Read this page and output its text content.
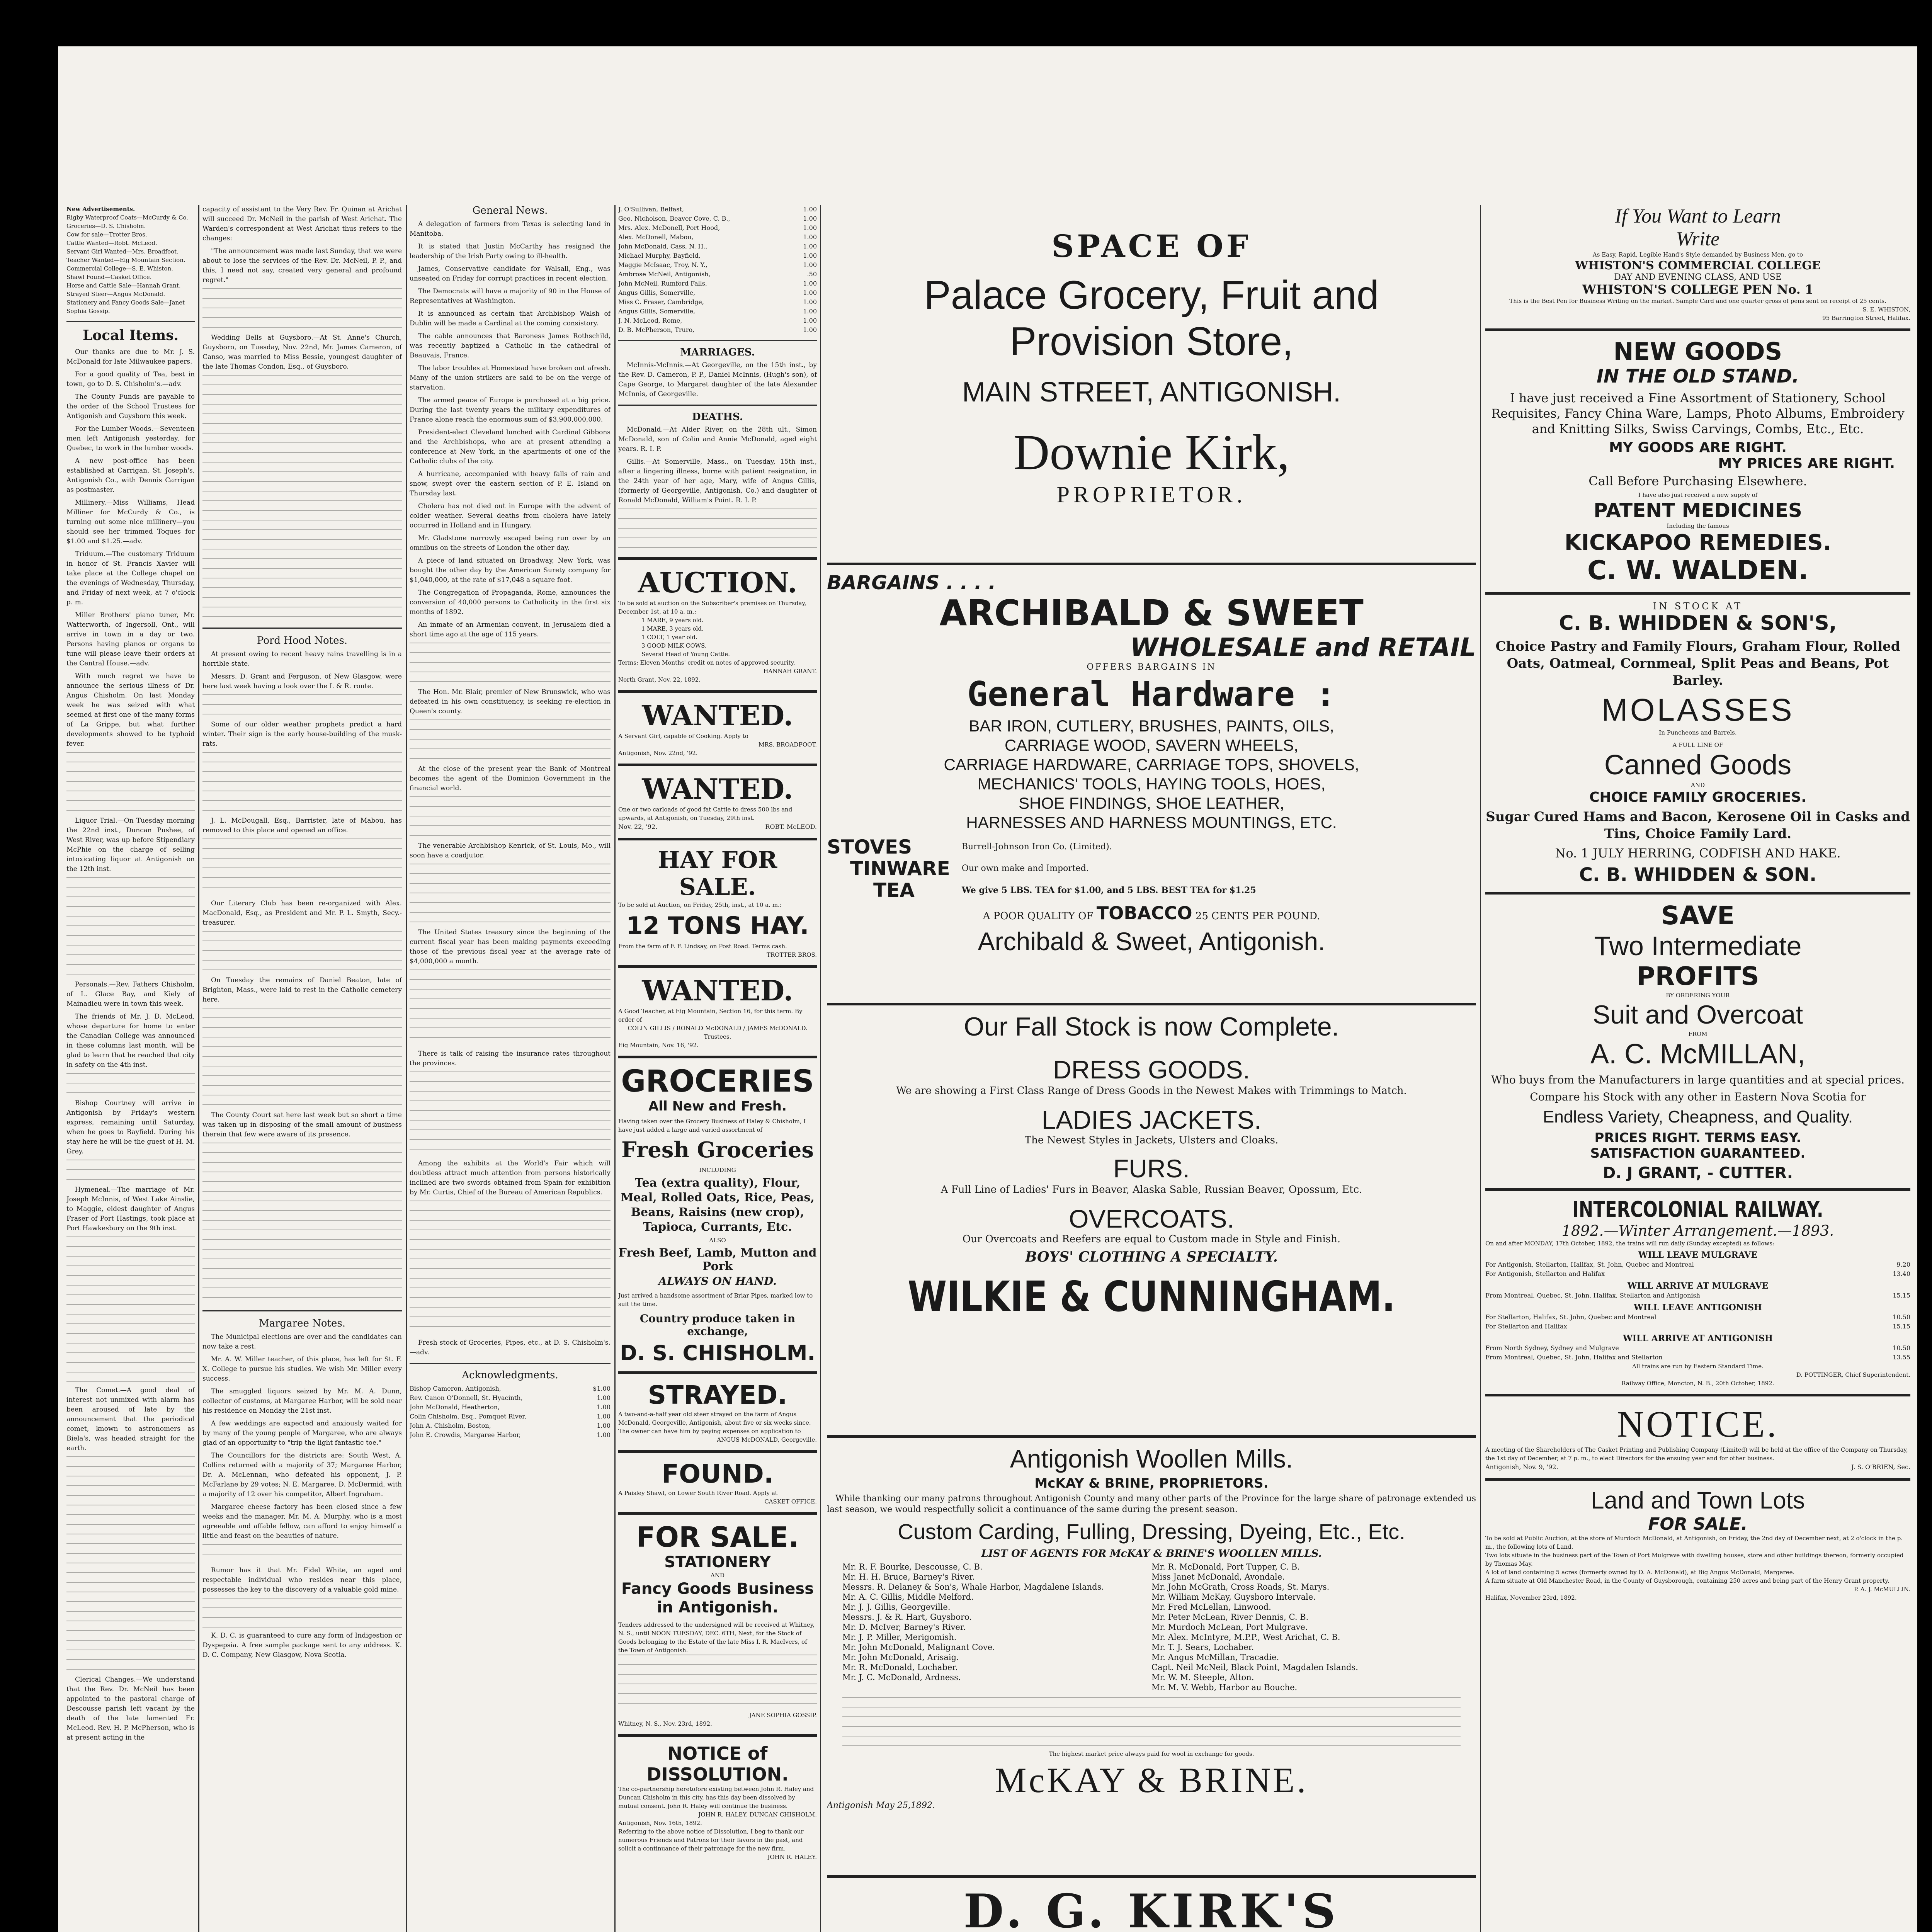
New Advertisements.

Rigby Waterproof Coats—McCurdy & Co.

Groceries—D. S. Chisholm.

Cow for sale—Trotter Bros.

Cattle Wanted—Robt. McLeod.

Servant Girl Wanted—Mrs. Broadfoot.

Teacher Wanted—Eig Mountain Section.

Commercial College—S. E. Whiston.

Shawl Found—Casket Office.

Horse and Cattle Sale—Hannah Grant.

Strayed Steer—Angus McDonald.

Stationery and Fancy Goods Sale—Janet Sophia Gossip.

Local Items.

Our thanks are due to Mr. J. S. McDonald for late Milwaukee papers.

For a good quality of Tea, best in town, go to D. S. Chisholm's.—adv.

The County Funds are payable to the order of the School Trustees for Antigonish and Guysboro this week.

For the Lumber Woods.—Seventeen men left Antigonish yesterday, for Quebec, to work in the lumber woods.

A new post-office has been established at Carrigan, St. Joseph's, Antigonish Co., with Dennis Carrigan as postmaster.

Millinery.—Miss Williams, Head Milliner for McCurdy & Co., is turning out some nice millinery—you should see her trimmed Toques for $1.00 and $1.25.—adv.

Triduum.—The customary Triduum in honor of St. Francis Xavier will take place at the College chapel on the evenings of Wednesday, Thursday, and Friday of next week, at 7 o'clock p. m.

Miller Brothers' piano tuner, Mr. Watterworth, of Ingersoll, Ont., will arrive in town in a day or two. Persons having pianos or organs to tune will please leave their orders at the Central House.—adv.

With much regret we have to announce the serious illness of Dr. Angus Chisholm. On last Monday week he was seized with what seemed at first one of the many forms of La Grippe, but what further developments showed to be typhoid fever.

Liquor Trial.—On Tuesday morning the 22nd inst., Duncan Pushee, of West River, was up before Stipendiary McPhie on the charge of selling intoxicating liquor at Antigonish on the 12th inst.

Personals.—Rev. Fathers Chisholm, of L. Glace Bay, and Kiely of Mainadieu were in town this week.

The friends of Mr. J. D. McLeod, whose departure for home to enter the Canadian College was announced in these columns last month, will be glad to learn that he reached that city in safety on the 4th inst.

Bishop Courtney will arrive in Antigonish by Friday's western express, remaining until Saturday, when he goes to Bayfield. During his stay here he will be the guest of H. M. Grey.

Hymeneal.—The marriage of Mr. Joseph McInnis, of West Lake Ainslie, to Maggie, eldest daughter of Angus Fraser of Port Hastings, took place at Port Hawkesbury on the 9th inst.

The Comet.—A good deal of interest not unmixed with alarm has been aroused of late by the announcement that the periodical comet, known to astronomers as Biela's, was headed straight for the earth.

Clerical Changes.—We understand that the Rev. Dr. McNeil has been appointed to the pastoral charge of Descousse parish left vacant by the death of the late lamented Fr. McLeod. Rev. H. P. McPherson, who is at present acting in the

capacity of assistant to the Very Rev. Fr. Quinan at Arichat will succeed Dr. McNeil in the parish of West Arichat. The Warden's correspondent at West Arichat thus refers to the changes:

"The announcement was made last Sunday, that we were about to lose the services of the Rev. Dr. McNeil, P. P., and this, I need not say, created very general and profound regret."

Wedding Bells at Guysboro.—At St. Anne's Church, Guysboro, on Tuesday, Nov. 22nd, Mr. James Cameron, of Canso, was married to Miss Bessie, youngest daughter of the late Thomas Condon, Esq., of Guysboro.

Pord Hood Notes.

At present owing to recent heavy rains travelling is in a horrible state.

Messrs. D. Grant and Ferguson, of New Glasgow, were here last week having a look over the I. & R. route.

Some of our older weather prophets predict a hard winter. Their sign is the early house-building of the musk-rats.

J. L. McDougall, Esq., Barrister, late of Mabou, has removed to this place and opened an office.

Our Literary Club has been re-organized with Alex. MacDonald, Esq., as President and Mr. P. L. Smyth, Secy.-treasurer.

On Tuesday the remains of Daniel Beaton, late of Brighton, Mass., were laid to rest in the Catholic cemetery here.

The County Court sat here last week but so short a time was taken up in disposing of the small amount of business therein that few were aware of its presence.

Margaree Notes.

The Municipal elections are over and the candidates can now take a rest.

Mr. A. W. Miller teacher, of this place, has left for St. F. X. College to pursue his studies. We wish Mr. Miller every success.

The smuggled liquors seized by Mr. M. A. Dunn, collector of customs, at Margaree Harbor, will be sold near his residence on Monday the 21st inst.

A few weddings are expected and anxiously waited for by many of the young people of Margaree, who are always glad of an opportunity to "trip the light fantastic toe."

The Councillors for the districts are: South West, A. Collins returned with a majority of 37; Margaree Harbor, Dr. A. McLennan, who defeated his opponent, J. P. McFarlane by 29 votes; N. E. Margaree, D. McDermid, with a majority of 12 over his competitor, Albert Ingraham.

Margaree cheese factory has been closed since a few weeks and the manager, Mr. M. A. Murphy, who is a most agreeable and affable fellow, can afford to enjoy himself a little and feast on the beauties of nature.

Rumor has it that Mr. Fidel White, an aged and respectable individual who resides near this place, possesses the key to the discovery of a valuable gold mine.

K. D. C. is guaranteed to cure any form of Indigestion or Dyspepsia. A free sample package sent to any address. K. D. C. Company, New Glasgow, Nova Scotia.

General News.

A delegation of farmers from Texas is selecting land in Manitoba.

It is stated that Justin McCarthy has resigned the leadership of the Irish Party owing to ill-health.

James, Conservative candidate for Walsall, Eng., was unseated on Friday for corrupt practices in recent election.

The Democrats will have a majority of 90 in the House of Representatives at Washington.

It is announced as certain that Archbishop Walsh of Dublin will be made a Cardinal at the coming consistory.

The cable announces that Baroness James Rothschild, was recently baptized a Catholic in the cathedral of Beauvais, France.

The labor troubles at Homestead have broken out afresh. Many of the union strikers are said to be on the verge of starvation.

The armed peace of Europe is purchased at a big price. During the last twenty years the military expenditures of France alone reach the enormous sum of $3,900,000,000.

President-elect Cleveland lunched with Cardinal Gibbons and the Archbishops, who are at present attending a conference at New York, in the apartments of one of the Catholic clubs of the city.

A hurricane, accompanied with heavy falls of rain and snow, swept over the eastern section of P. E. Island on Thursday last.

Cholera has not died out in Europe with the advent of colder weather. Several deaths from cholera have lately occurred in Holland and in Hungary.

Mr. Gladstone narrowly escaped being run over by an omnibus on the streets of London the other day.

A piece of land situated on Broadway, New York, was bought the other day by the American Surety company for $1,040,000, at the rate of $17,048 a square foot.

The Congregation of Propaganda, Rome, announces the conversion of 40,000 persons to Catholicity in the first six months of 1892.

An inmate of an Armenian convent, in Jerusalem died a short time ago at the age of 115 years.

The Hon. Mr. Blair, premier of New Brunswick, who was defeated in his own constituency, is seeking re-election in Queen's county.

At the close of the present year the Bank of Montreal becomes the agent of the Dominion Government in the financial world.

The venerable Archbishop Kenrick, of St. Louis, Mo., will soon have a coadjutor.

The United States treasury since the beginning of the current fiscal year has been making payments exceeding those of the previous fiscal year at the average rate of $4,000,000 a month.

There is talk of raising the insurance rates throughout the provinces.

Among the exhibits at the World's Fair which will doubtless attract much attention from persons historically inclined are two swords obtained from Spain for exhibition by Mr. Curtis, Chief of the Bureau of American Republics.

Fresh stock of Groceries, Pipes, etc., at D. S. Chisholm's.—adv.

Acknowledgments.
Bishop Cameron, Antigonish,	$1.00
Rev. Canon O'Donnell, St. Hyacinth,	1.00
John McDonald, Heatherton,	1.00
Colin Chisholm, Esq., Pomquet River,	1.00
John A. Chisholm, Boston,	1.00
John E. Crowdis, Margaree Harbor,	1.00
J. O'Sullivan, Belfast,	1.00
Geo. Nicholson, Beaver Cove, C. B.,	1.00
Mrs. Alex. McDonell, Port Hood,	1.00
Alex. McDonell, Mabou,	1.00
John McDonald, Cass, N. H.,	1.00
Michael Murphy, Bayfield,	1.00
Maggie McIsaac, Troy, N. Y.,	1.00
Ambrose McNeil, Antigonish,	.50
John McNeil, Rumford Falls,	1.00
Angus Gillis, Somerville,	1.00
Miss C. Fraser, Cambridge,	1.00
Angus Gillis, Somerville,	1.00
J. N. McLeod, Rome,	1.00
D. B. McPherson, Truro,	1.00
MARRIAGES.

McInnis-McInnis.—At Georgeville, on the 15th inst., by the Rev. D. Cameron, P. P., Daniel McInnis, (Hugh's son), of Cape George, to Margaret daughter of the late Alexander McInnis, of Georgeville.

DEATHS.

McDonald.—At Alder River, on the 28th ult., Simon McDonald, son of Colin and Annie McDonald, aged eight years. R. I. P.

Gillis.—At Somerville, Mass., on Tuesday, 15th inst., after a lingering illness, borne with patient resignation, in the 24th year of her age, Mary, wife of Angus Gillis, (formerly of Georgeville, Antigonish, Co.) and daughter of Ronald McDonald, William's Point. R. I. P.

AUCTION.

To be sold at auction on the Subscriber's premises on Thursday, December 1st, at 10 a. m.:

1 MARE, 9 years old.

1 MARE, 3 years old.

1 COLT, 1 year old.

3 GOOD MILK COWS.

Several Head of Young Cattle.

Terms: Eleven Months' credit on notes of approved security.

HANNAH GRANT.

North Grant, Nov. 22, 1892.

WANTED.

A Servant Girl, capable of Cooking. Apply to

MRS. BROADFOOT.

Antigonish, Nov. 22nd, '92.

WANTED.

One or two carloads of good fat Cattle to dress 500 lbs and upwards, at Antigonish, on Tuesday, 29th inst.

Nov. 22, '92.	ROBT. McLEOD.
HAY FOR SALE.

To be sold at Auction, on Friday, 25th, inst., at 10 a. m.:

12 TONS HAY.

From the farm of F. F. Lindsay, on Post Road. Terms cash.

TROTTER BROS.

WANTED.

A Good Teacher, at Eig Mountain, Section 16, for this term. By order of

COLIN GILLIS / RONALD McDONALD / JAMES McDONALD. Trustees.

Eig Mountain, Nov. 16, '92.

GROCERIES
All New and Fresh.

Having taken over the Grocery Business of Haley & Chisholm, I have just added a large and varied assortment of

Fresh Groceries

INCLUDING

Tea (extra quality), Flour, Meal, Rolled Oats, Rice, Peas, Beans, Raisins (new crop), Tapioca, Currants, Etc.

ALSO

Fresh Beef, Lamb, Mutton and Pork

ALWAYS ON HAND.

Just arrived a handsome assortment of Briar Pipes, marked low to suit the time.

Country produce taken in exchange,

D. S. CHISHOLM.
STRAYED.

A two-and-a-half year old steer strayed on the farm of Angus McDonald, Georgeville, Antigonish, about five or six weeks since. The owner can have him by paying expenses on application to

ANGUS McDONALD, Georgeville.

FOUND.

A Paisley Shawl, on Lower South River Road. Apply at

CASKET OFFICE.

FOR SALE.
STATIONERY

AND

Fancy Goods Business in Antigonish.

Tenders addressed to the undersigned will be received at Whitney, N. S., until NOON TUESDAY, DEC. 6TH, Next, for the Stock of Goods belonging to the Estate of the late Miss I. R. MacIvers, of the Town of Antigonish.

JANE SOPHIA GOSSIP.

Whitney, N. S., Nov. 23rd, 1892.

NOTICE of DISSOLUTION.

The co-partnership heretofore existing between John R. Haley and Duncan Chisholm in this city, has this day been dissolved by mutual consent. John R. Haley will continue the business.

JOHN R. HALEY. DUNCAN CHISHOLM.

Antigonish, Nov. 16th, 1892.

Referring to the above notice of Dissolution, I beg to thank our numerous Friends and Patrons for their favors in the past, and solicit a continuance of their patronage for the new firm.

JOHN R. HALEY.

SPACE OF
Palace Grocery, Fruit and
Provision Store,
MAIN STREET, ANTIGONISH.
Downie Kirk,
PROPRIETOR.
BARGAINS . . . .
ARCHIBALD & SWEET
WHOLESALE and RETAIL
OFFERS BARGAINS IN
General Hardware :
BAR IRON, CUTLERY, BRUSHES, PAINTS, OILS,
CARRIAGE WOOD, SAVERN WHEELS,
CARRIAGE HARDWARE, CARRIAGE TOPS, SHOVELS,
MECHANICS' TOOLS, HAYING TOOLS, HOES,
SHOE FINDINGS, SHOE LEATHER,
HARNESSES AND HARNESS MOUNTINGS, ETC.
STOVES
TINWARE
TEA
Burrell-Johnson Iron Co. (Limited).
Our own make and Imported.
We give 5 LBS. TEA for $1.00, and 5 LBS. BEST TEA for $1.25
A POOR QUALITY OF TOBACCO 25 CENTS PER POUND.
Archibald & Sweet, Antigonish.
Our Fall Stock is now Complete.
DRESS GOODS.
We are showing a First Class Range of Dress Goods in the Newest Makes with Trimmings to Match.
LADIES JACKETS.
The Newest Styles in Jackets, Ulsters and Cloaks.
FURS.
A Full Line of Ladies' Furs in Beaver, Alaska Sable, Russian Beaver, Opossum, Etc.
OVERCOATS.
Our Overcoats and Reefers are equal to Custom made in Style and Finish.
BOYS' CLOTHING A SPECIALTY.
WILKIE & CUNNINGHAM.
Antigonish Woollen Mills.
McKAY & BRINE, PROPRIETORS.

While thanking our many patrons throughout Antigonish County and many other parts of the Province for the large share of patronage extended us last season, we would respectfully solicit a continuance of the same during the present season.

Custom Carding, Fulling, Dressing, Dyeing, Etc., Etc.
LIST OF AGENTS FOR McKAY & BRINE'S WOOLLEN MILLS.
Mr. R. F. Bourke, Descousse, C. B.	Mr. R. McDonald, Port Tupper, C. B.
Mr. H. H. Bruce, Barney's River.	Miss Janet McDonald, Avondale.
Messrs. R. Delaney & Son's, Whale Harbor, Magdalene Islands.	Mr. John McGrath, Cross Roads, St. Marys.
Mr. A. C. Gillis, Middle Melford.	Mr. William McKay, Guysboro Intervale.
Mr. J. J. Gillis, Georgeville.	Mr. Fred McLellan, Linwood.
Messrs. J. & R. Hart, Guysboro.	Mr. Peter McLean, River Dennis, C. B.
Mr. D. McIver, Barney's River.	Mr. Murdoch McLean, Port Mulgrave.
Mr. J. P. Miller, Merigomish.	Mr. Alex. McIntyre, M.P.P., West Arichat, C. B.
Mr. John McDonald, Malignant Cove.	Mr. T. J. Sears, Lochaber.
Mr. John McDonald, Arisaig.	Mr. Angus McMillan, Tracadie.
Mr. R. McDonald, Lochaber.	Capt. Neil McNeil, Black Point, Magdalen Islands.
Mr. J. C. McDonald, Ardness.	Mr. W. M. Steeple, Alton.
Mr. M. V. Webb, Harbor au Bouche.

The highest market price always paid for wool in exchange for goods.

McKAY & BRINE.
Antigonish May 25,1892.
D. G. KIRK'S
If You Want to Learn
Write

As Easy, Rapid, Legible Hand's Style demanded by Business Men, go to

WHISTON'S COMMERCIAL COLLEGE
DAY AND EVENING CLASS, AND USE
WHISTON'S COLLEGE PEN No. 1

This is the Best Pen for Business Writing on the market. Sample Card and one quarter gross of pens sent on receipt of 25 cents.

S. E. WHISTON,

95 Barrington Street, Halifax.

NEW GOODS
IN THE OLD STAND.

I have just received a Fine Assortment of Stationery, School Requisites, Fancy China Ware, Lamps, Photo Albums, Embroidery and Knitting Silks, Swiss Carvings, Combs, Etc., Etc.

MY GOODS ARE RIGHT.
MY PRICES ARE RIGHT.
Call Before Purchasing Elsewhere.

I have also just received a new supply of

PATENT MEDICINES

Including the famous

KICKAPOO REMEDIES.
C. W. WALDEN.
IN STOCK AT
C. B. WHIDDEN & SON'S,

Choice Pastry and Family Flours, Graham Flour, Rolled Oats, Oatmeal, Cornmeal, Split Peas and Beans, Pot Barley.

MOLASSES

In Puncheons and Barrels.

A FULL LINE OF

Canned Goods

AND

CHOICE FAMILY GROCERIES.

Sugar Cured Hams and Bacon, Kerosene Oil in Casks and Tins, Choice Family Lard.

No. 1 JULY HERRING, CODFISH AND HAKE.

C. B. WHIDDEN & SON.
SAVE
Two Intermediate
PROFITS

BY ORDERING YOUR

Suit and Overcoat

FROM

A. C. McMILLAN,

Who buys from the Manufacturers in large quantities and at special prices.

Compare his Stock with any other in Eastern Nova Scotia for

Endless Variety, Cheapness, and Quality.
PRICES RIGHT. TERMS EASY.
SATISFACTION GUARANTEED.
D. J GRANT, - CUTTER.
INTERCOLONIAL RAILWAY.
1892.—Winter Arrangement.—1893.

On and after MONDAY, 17th October, 1892, the trains will run daily (Sunday excepted) as follows:

WILL LEAVE MULGRAVE
For Antigonish, Stellarton, Halifax, St. John, Quebec and Montreal	9.20
For Antigonish, Stellarton and Halifax	13.40
WILL ARRIVE AT MULGRAVE
From Montreal, Quebec, St. John, Halifax, Stellarton and Antigonish	15.15
WILL LEAVE ANTIGONISH
For Stellarton, Halifax, St. John, Quebec and Montreal	10.50
For Stellarton and Halifax	15.15
WILL ARRIVE AT ANTIGONISH
From North Sydney, Sydney and Mulgrave	10.50
From Montreal, Quebec, St. John, Halifax and Stellarton	13.55

All trains are run by Eastern Standard Time.

D. POTTINGER, Chief Superintendent.

Railway Office, Moncton, N. B., 20th October, 1892.

NOTICE.

A meeting of the Shareholders of The Casket Printing and Publishing Company (Limited) will be held at the office of the Company on Thursday, the 1st day of December, at 7 p. m., to elect Directors for the ensuing year and for other business.

Antigonish, Nov. 9, '92.	J. S. O'BRIEN, Sec.
Land and Town Lots
FOR SALE.

To be sold at Public Auction, at the store of Murdoch McDonald, at Antigonish, on Friday, the 2nd day of December next, at 2 o'clock in the p. m., the following lots of Land.

Two lots situate in the business part of the Town of Port Mulgrave with dwelling houses, store and other buildings thereon, formerly occupied by Thomas May.

A lot of land containing 5 acres (formerly owned by D. A. McDonald), at Big Angus McDonald, Margaree.

A farm situate at Old Manchester Road, in the County of Guysborough, containing 250 acres and being part of the Henry Grant property.

P. A. J. McMULLIN.

Halifax, November 23rd, 1892.
